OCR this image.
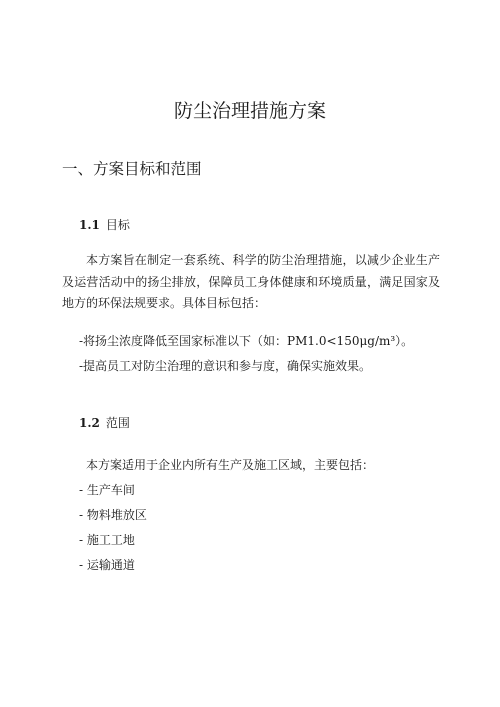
防尘治理措施方案
一、方案目标和范围
1.1 目标

本方案旨在制定一套系统、科学的防尘治理措施，以减少企业生产及运营活动中的扬尘排放，保障员工身体健康和环境质量，满足国家及地方的环保法规要求。具体目标包括：

-将扬尘浓度降低至国家标准以下（如：PM1.0<150μg/m³）。

-提高员工对防尘治理的意识和参与度，确保实施效果。

1.2 范围

本方案适用于企业内所有生产及施工区域，主要包括：

- 生产车间

- 物料堆放区

- 施工工地

- 运输通道
